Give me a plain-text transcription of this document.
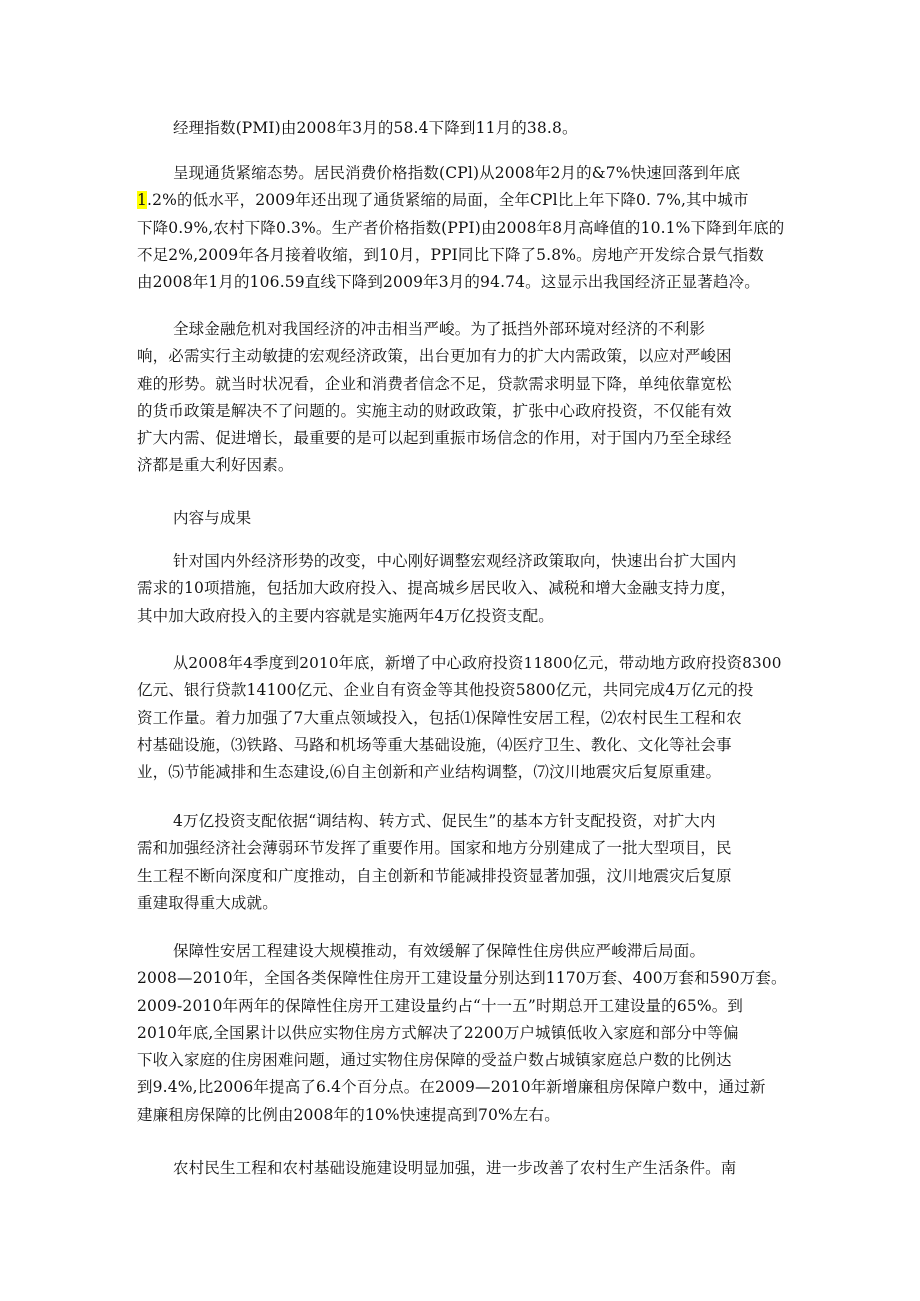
经理指数(PMI)由2008年3月的58.4下降到11月的38.8。
呈现通货紧缩态势。居民消费价格指数(CPl)从2008年2月的&7%快速回落到年底
1.2%的低水平，2009年还出现了通货紧缩的局面，全年CPl比上年下降0. 7%,其中城市
下降0.9%,农村下降0.3%。生产者价格指数(PPI)由2008年8月高峰值的10.1%下降到年底的
不足2%,2009年各月接着收缩，到10月，PPI同比下降了5.8%。房地产开发综合景气指数
由2008年1月的106.59直线下降到2009年3月的94.74。这显示出我国经济正显著趋冷。
全球金融危机对我国经济的冲击相当严峻。为了抵挡外部环境对经济的不利影
响，必需实行主动敏捷的宏观经济政策，出台更加有力的扩大内需政策，以应对严峻困
难的形势。就当时状况看，企业和消费者信念不足，贷款需求明显下降，单纯依靠宽松
的货币政策是解决不了问题的。实施主动的财政政策，扩张中心政府投资，不仅能有效
扩大内需、促进增长，最重要的是可以起到重振市场信念的作用，对于国内乃至全球经
济都是重大利好因素。
内容与成果
针对国内外经济形势的改变，中心刚好调整宏观经济政策取向，快速出台扩大国内
需求的10项措施，包括加大政府投入、提高城乡居民收入、减税和增大金融支持力度，
其中加大政府投入的主要内容就是实施两年4万亿投资支配。
从2008年4季度到2010年底，新增了中心政府投资11800亿元，带动地方政府投资8300
亿元、银行贷款14100亿元、企业自有资金等其他投资5800亿元，共同完成4万亿元的投
资工作量。着力加强了7大重点领域投入，包括⑴保障性安居工程，⑵农村民生工程和农
村基础设施，⑶铁路、马路和机场等重大基础设施，⑷医疗卫生、教化、文化等社会事
业，⑸节能减排和生态建设,⑹自主创新和产业结构调整，⑺汶川地震灾后复原重建。
4万亿投资支配依据“调结构、转方式、促民生”的基本方针支配投资，对扩大内
需和加强经济社会薄弱环节发挥了重要作用。国家和地方分别建成了一批大型项目，民
生工程不断向深度和广度推动，自主创新和节能减排投资显著加强，汶川地震灾后复原
重建取得重大成就。
保障性安居工程建设大规模推动，有效缓解了保障性住房供应严峻滞后局面。
2008—2010年，全国各类保障性住房开工建设量分别达到1170万套、400万套和590万套。
2009-2010年两年的保障性住房开工建设量约占“十一五”时期总开工建设量的65%。到
2010年底,全国累计以供应实物住房方式解决了2200万户城镇低收入家庭和部分中等偏
下收入家庭的住房困难问题，通过实物住房保障的受益户数占城镇家庭总户数的比例达
到9.4%,比2006年提高了6.4个百分点。在2009—2010年新增廉租房保障户数中，通过新
建廉租房保障的比例由2008年的10%快速提高到70%左右。
农村民生工程和农村基础设施建设明显加强，进一步改善了农村生产生活条件。南
